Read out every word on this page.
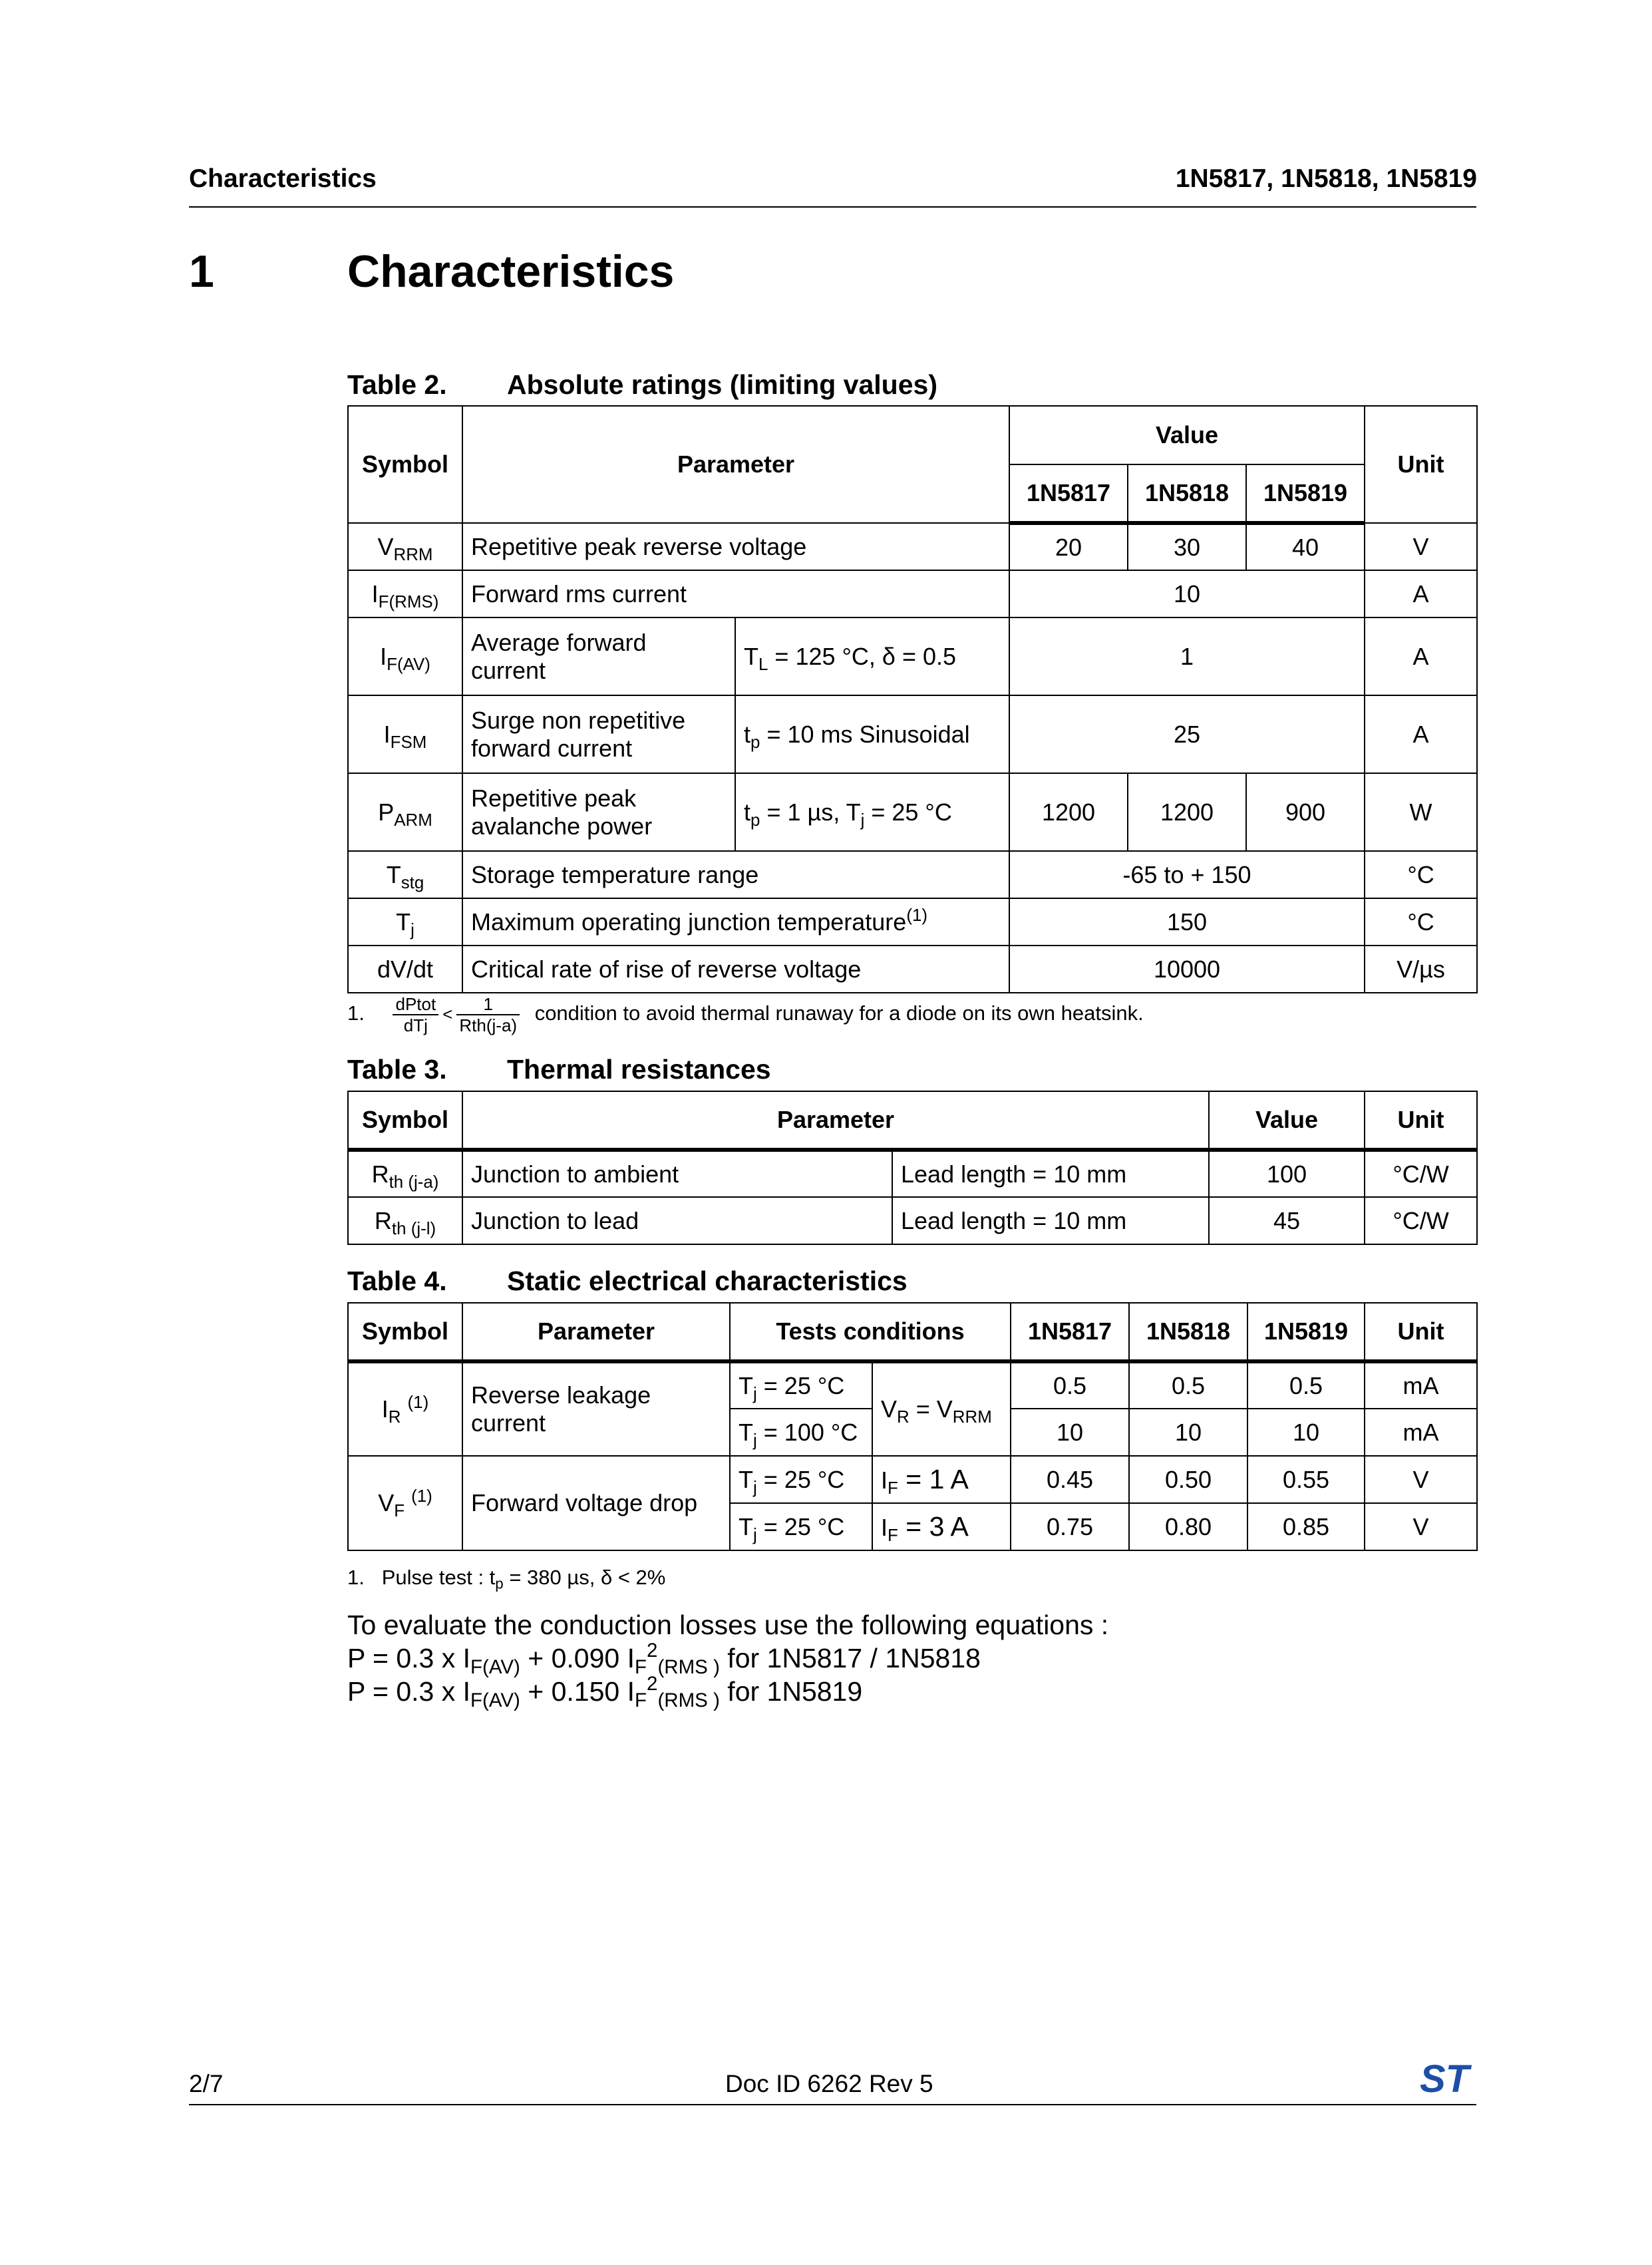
Characteristics	1N5817, 1N5818, 1N5819
1	Characteristics
Table 2. Absolute ratings (limiting values)
Symbol	Parameter		Value			Unit
			1N5817	1N5818	1N5819	
$V_{RRM}$	Repetitive peak reverse voltage		20	30	40	V
$I_{F(RMS)}$	Forward rms current		10			A
$I_{F(AV)}$	Average forward current	$T_L = 125$ °C, δ = 0.5	1			A
$I_{FSM}$	Surge non repetitive forward current	$t_p = 10$ ms Sinusoidal	25			A
$P_{ARM}$	Repetitive peak avalanche power	$t_p = 1$ µs, $T_j = 25$ °C	1200	1200	900	W
$T_{stg}$	Storage temperature range		-65 to + 150			°C
$T_j$	Maximum operating junction temperature$^{(1)}$		150			°C
dV/dt	Critical rate of rise of reverse voltage		10000			V/µs
1. $\frac{\text{dPtot}}{\text{dTj}} < \frac{1}{\text{Rth(j-a)}}$ condition to avoid thermal runaway for a diode on its own heatsink.
Table 3. Thermal resistances
Symbol	Parameter		Value	Unit
$R_{th (j-a)}$	Junction to ambient	Lead length = 10 mm	100	°C/W
$R_{th (j-l)}$	Junction to lead	Lead length = 10 mm	45	°C/W
Table 4. Static electrical characteristics
Symbol	Parameter	Tests conditions		1N5817	1N5818	1N5819	Unit
$I_R$ $^{(1)}$	Reverse leakage current	$T_j = 25$ °C	$V_R = V_{RRM}$	0.5	0.5	0.5	mA
		$T_j = 100$ °C		10	10	10	mA
$V_F$ $^{(1)}$	Forward voltage drop	$T_j = 25$ °C	$I_F = 1$ A	0.45	0.50	0.55	V
		$T_j = 25$ °C	$I_F = 3$ A	0.75	0.80	0.85	V
1. Pulse test : $t_p = 380$ µs, δ < 2%
To evaluate the conduction losses use the following equations :
P = 0.3 x $I_{F(AV)} + 0.090$ $I_F^2_{(RMS )}$ for 1N5817 / 1N5818
P = 0.3 x $I_{F(AV)} + 0.150$ $I_F^2_{(RMS )}$ for 1N5819
2/7	Doc ID 6262 Rev 5	ST
